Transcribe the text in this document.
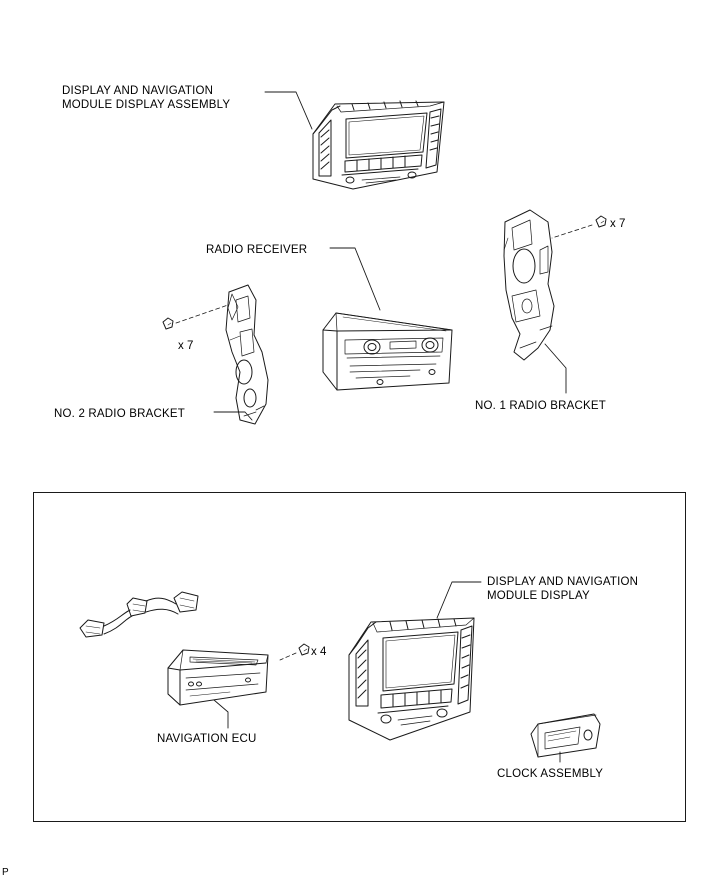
DISPLAY AND NAVIGATION
MODULE DISPLAY ASSEMBLY
RADIO RECEIVER
NO. 2 RADIO BRACKET
NO. 1 RADIO BRACKET
x 7
x 7
DISPLAY AND NAVIGATION
MODULE DISPLAY
NAVIGATION ECU
CLOCK ASSEMBLY
x 4
P
